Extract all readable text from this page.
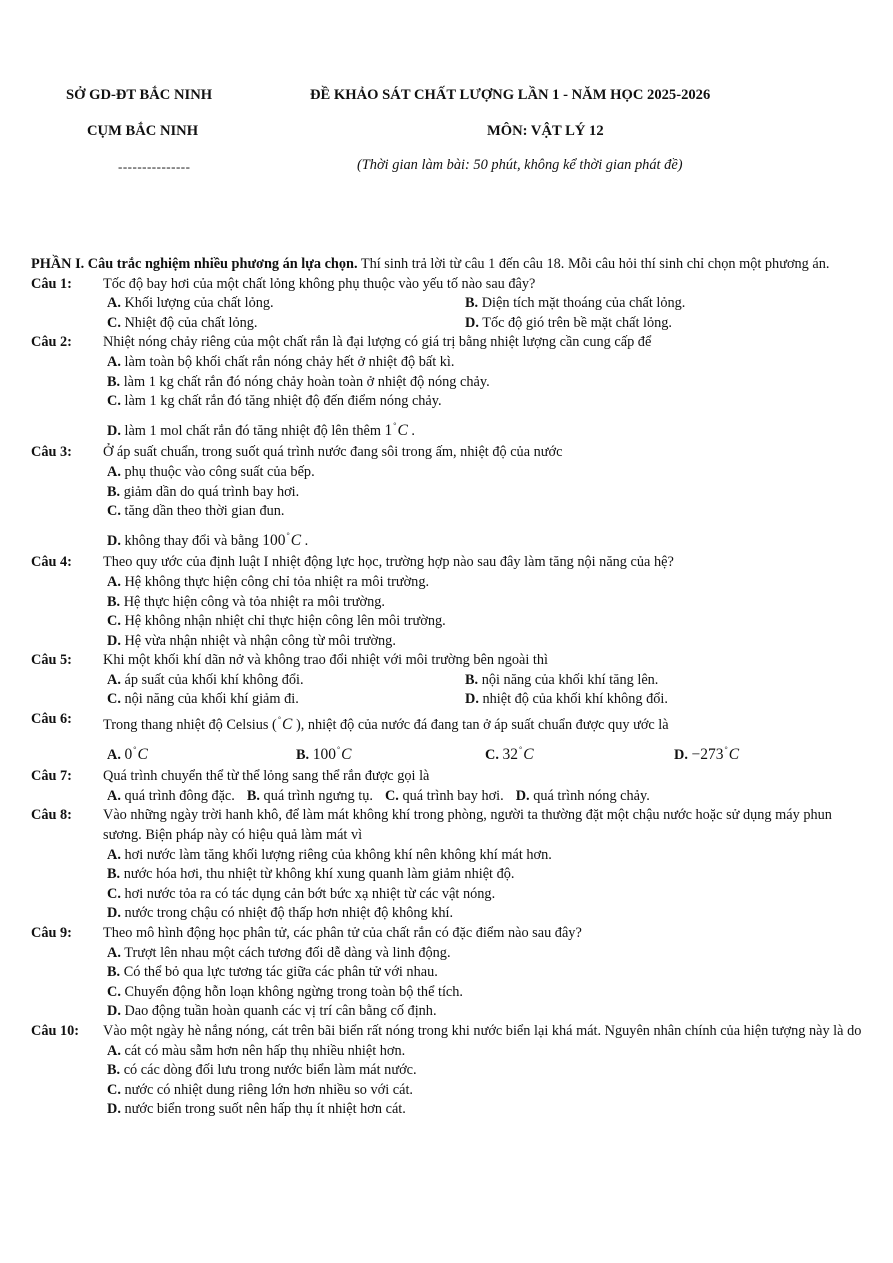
SỞ GD-ĐT BẮC NINH
CỤM BẮC NINH
---------------
ĐỀ KHẢO SÁT CHẤT LƯỢNG LẦN 1 - NĂM HỌC 2025-2026
MÔN: VẬT LÝ 12
(Thời gian làm bài: 50 phút, không kể thời gian phát đề)
PHẦN I. Câu trắc nghiệm nhiều phương án lựa chọn. Thí sinh trả lời từ câu 1 đến câu 18. Mỗi câu hỏi thí sinh chỉ chọn một phương án.
Câu 1: Tốc độ bay hơi của một chất lỏng không phụ thuộc vào yếu tố nào sau đây?
A. Khối lượng của chất lỏng.	B. Diện tích mặt thoáng của chất lỏng.
C. Nhiệt độ của chất lỏng.	D. Tốc độ gió trên bề mặt chất lỏng.
Câu 2: Nhiệt nóng chảy riêng của một chất rắn là đại lượng có giá trị bằng nhiệt lượng cần cung cấp để
A. làm toàn bộ khối chất rắn nóng chảy hết ở nhiệt độ bất kì.
B. làm 1 kg chất rắn đó nóng chảy hoàn toàn ở nhiệt độ nóng chảy.
C. làm 1 kg chất rắn đó tăng nhiệt độ đến điểm nóng chảy.
D. làm 1 mol chất rắn đó tăng nhiệt độ lên thêm 1°C .
Câu 3: Ở áp suất chuẩn, trong suốt quá trình nước đang sôi trong ấm, nhiệt độ của nước
A. phụ thuộc vào công suất của bếp.
B. giảm dần do quá trình bay hơi.
C. tăng dần theo thời gian đun.
D. không thay đổi và bằng 100°C .
Câu 4: Theo quy ước của định luật I nhiệt động lực học, trường hợp nào sau đây làm tăng nội năng của hệ?
A. Hệ không thực hiện công chỉ tỏa nhiệt ra môi trường.
B. Hệ thực hiện công và tỏa nhiệt ra môi trường.
C. Hệ không nhận nhiệt chỉ thực hiện công lên môi trường.
D. Hệ vừa nhận nhiệt và nhận công từ môi trường.
Câu 5: Khi một khối khí dãn nở và không trao đổi nhiệt với môi trường bên ngoài thì
A. áp suất của khối khí không đổi.	B. nội năng của khối khí tăng lên.
C. nội năng của khối khí giảm đi.	D. nhiệt độ của khối khí không đổi.
Câu 6: Trong thang nhiệt độ Celsius (°C ), nhiệt độ của nước đá đang tan ở áp suất chuẩn được quy ước là
A. 0°C	B. 100°C	C. 32°C	D. −273°C
Câu 7: Quá trình chuyển thể từ thể lỏng sang thể rắn được gọi là
A. quá trình đông đặc. B. quá trình ngưng tụ. C. quá trình bay hơi. D. quá trình nóng chảy.
Câu 8: Vào những ngày trời hanh khô, để làm mát không khí trong phòng, người ta thường đặt một chậu nước hoặc sử dụng máy phun sương. Biện pháp này có hiệu quả làm mát vì
A. hơi nước làm tăng khối lượng riêng của không khí nên không khí mát hơn.
B. nước hóa hơi, thu nhiệt từ không khí xung quanh làm giảm nhiệt độ.
C. hơi nước tỏa ra có tác dụng cản bớt bức xạ nhiệt từ các vật nóng.
D. nước trong chậu có nhiệt độ thấp hơn nhiệt độ không khí.
Câu 9: Theo mô hình động học phân tử, các phân tử của chất rắn có đặc điểm nào sau đây?
A. Trượt lên nhau một cách tương đối dễ dàng và linh động.
B. Có thể bỏ qua lực tương tác giữa các phân tử với nhau.
C. Chuyển động hỗn loạn không ngừng trong toàn bộ thể tích.
D. Dao động tuần hoàn quanh các vị trí cân bằng cố định.
Câu 10: Vào một ngày hè nắng nóng, cát trên bãi biển rất nóng trong khi nước biển lại khá mát. Nguyên nhân chính của hiện tượng này là do
A. cát có màu sẫm hơn nên hấp thụ nhiều nhiệt hơn.
B. có các dòng đối lưu trong nước biển làm mát nước.
C. nước có nhiệt dung riêng lớn hơn nhiều so với cát.
D. nước biển trong suốt nên hấp thụ ít nhiệt hơn cát.
